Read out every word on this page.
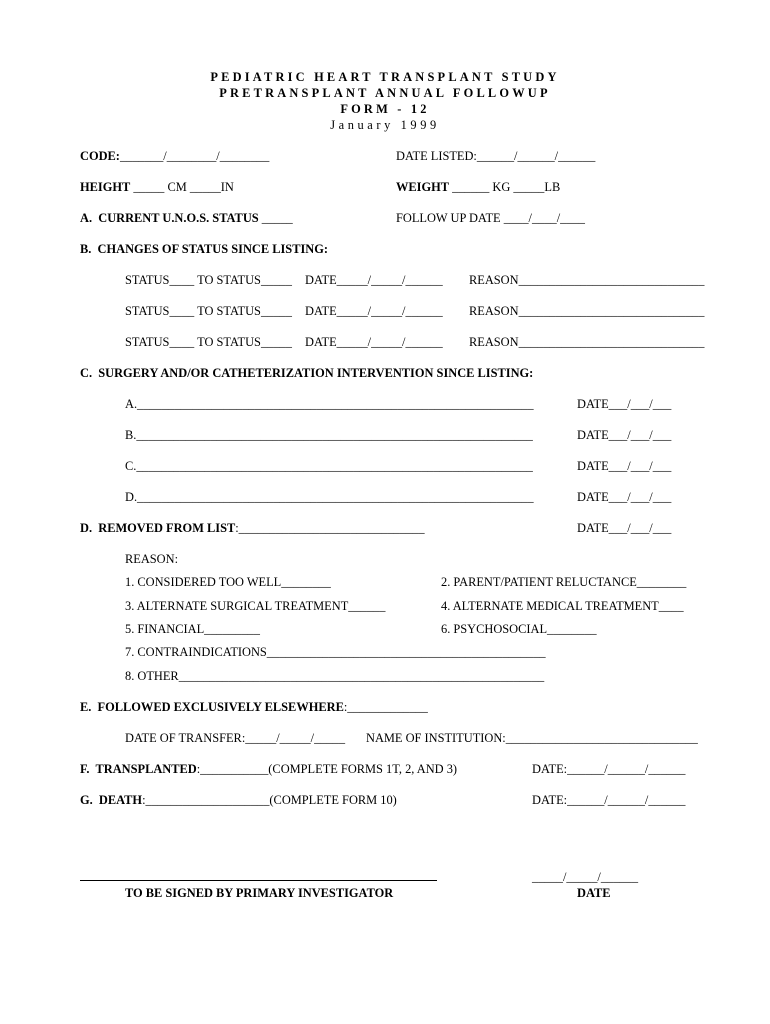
PEDIATRIC HEART TRANSPLANT STUDY
PRETRANSPLANT ANNUAL FOLLOWUP
FORM - 12
January 1999
CODE:_______/________/________	DATE LISTED:______/______/______
HEIGHT _____ CM _____IN	WEIGHT ______ KG _____LB
A.  CURRENT U.N.O.S. STATUS _____	FOLLOW UP DATE ____/____/____
B.  CHANGES OF STATUS SINCE LISTING:
STATUS____ TO STATUS_____ DATE_____/_____/______ REASON______________________________
STATUS____ TO STATUS_____ DATE_____/_____/______ REASON______________________________
STATUS____ TO STATUS_____ DATE_____/_____/______ REASON______________________________
C.  SURGERY AND/OR CATHETERIZATION INTERVENTION SINCE LISTING:
A.________________________________________________________________	DATE___/___/___
B.________________________________________________________________	DATE___/___/___
C.________________________________________________________________	DATE___/___/___
D.________________________________________________________________	DATE___/___/___
D.  REMOVED FROM LIST:______________________________	DATE___/___/___
REASON:
1. CONSIDERED TOO WELL________	2. PARENT/PATIENT RELUCTANCE________
3. ALTERNATE SURGICAL TREATMENT______	4. ALTERNATE MEDICAL TREATMENT____
5. FINANCIAL_________	6. PSYCHOSOCIAL________
7. CONTRAINDICATIONS_____________________________________________
8. OTHER___________________________________________________________
E.  FOLLOWED EXCLUSIVELY ELSEWHERE:_____________
DATE OF TRANSFER:_____/_____/_____ NAME OF INSTITUTION:_______________________________
F.  TRANSPLANTED:___________(COMPLETE FORMS 1T, 2, AND 3)	DATE:______/______/______
G.  DEATH:____________________(COMPLETE FORM 10)	DATE:______/______/______
TO BE SIGNED BY PRIMARY INVESTIGATOR
_____/_____/______
DATE
